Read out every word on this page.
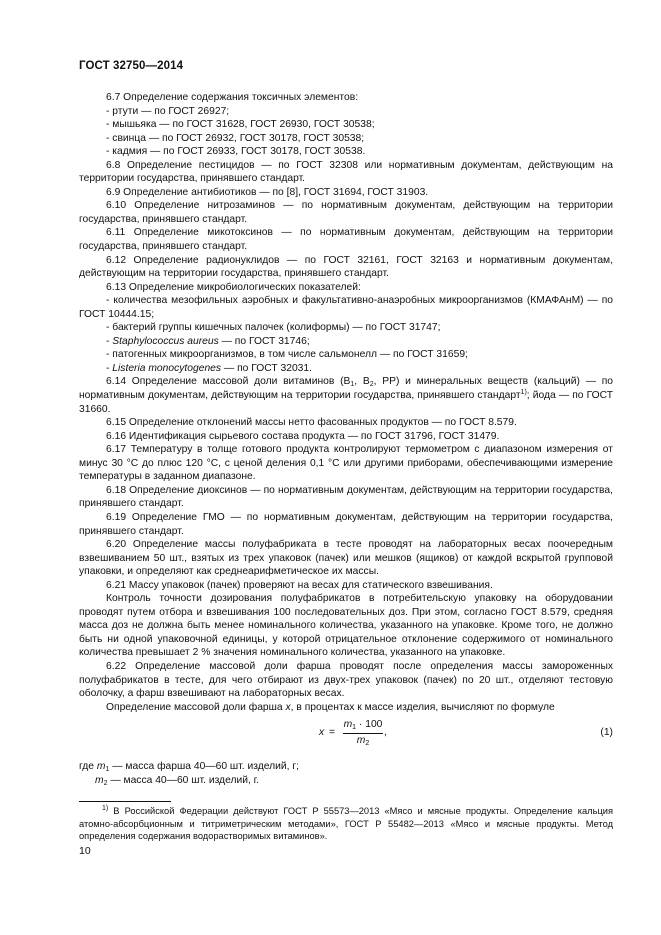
ГОСТ 32750—2014

6.7 Определение содержания токсичных элементов:

- ртути — по ГОСТ 26927;

- мышьяка — по ГОСТ 31628, ГОСТ 26930, ГОСТ 30538;

- свинца — по ГОСТ 26932, ГОСТ 30178, ГОСТ 30538;

- кадмия — по ГОСТ 26933, ГОСТ 30178, ГОСТ 30538.

6.8 Определение пестицидов — по ГОСТ 32308 или нормативным документам, действующим на территории государства, принявшего стандарт.

6.9 Определение антибиотиков — по [8], ГОСТ 31694, ГОСТ 31903.

6.10 Определение нитрозаминов — по нормативным документам, действующим на территории государства, принявшего стандарт.

6.11 Определение микотоксинов — по нормативным документам, действующим на территории государства, принявшего стандарт.

6.12 Определение радионуклидов — по ГОСТ 32161, ГОСТ 32163 и нормативным документам, действующим на территории государства, принявшего стандарт.

6.13 Определение микробиологических показателей:

- количества мезофильных аэробных и факультативно-анаэробных микроорганизмов (КМАФАнМ) — по ГОСТ 10444.15;

- бактерий группы кишечных палочек (колиформы) — по ГОСТ 31747;

- Staphylococcus aureus — по ГОСТ 31746;

- патогенных микроорганизмов, в том числе сальмонелл — по ГОСТ 31659;

- Listeria monocytogenes — по ГОСТ 32031.

6.14 Определение массовой доли витаминов ($В_1$, $В_2$, РР) и минеральных веществ (кальций) — по нормативным документам, действующим на территории государства, принявшего стандарт$^{1)}$; йода — по ГОСТ 31660.

6.15 Определение отклонений массы нетто фасованных продуктов — по ГОСТ 8.579.

6.16 Идентификация сырьевого состава продукта — по ГОСТ 31796, ГОСТ 31479.

6.17 Температуру в толще готового продукта контролируют термометром с диапазоном измерения от минус 30 °С до плюс 120 °С, с ценой деления 0,1 °С или другими приборами, обеспечивающими измерение температуры в заданном диапазоне.

6.18 Определение диоксинов — по нормативным документам, действующим на территории государства, принявшего стандарт.

6.19 Определение ГМО — по нормативным документам, действующим на территории государства, принявшего стандарт.

6.20 Определение массы полуфабриката в тесте проводят на лабораторных весах поочередным взвешиванием 50 шт., взятых из трех упаковок (пачек) или мешков (ящиков) от каждой вскрытой групповой упаковки, и определяют как среднеарифметическое их массы.

6.21 Массу упаковок (пачек) проверяют на весах для статического взвешивания.

Контроль точности дозирования полуфабрикатов в потребительскую упаковку на оборудовании проводят путем отбора и взвешивания 100 последовательных доз. При этом, согласно ГОСТ 8.579, средняя масса доз не должна быть менее номинального количества, указанного на упаковке. Кроме того, не должно быть ни одной упаковочной единицы, у которой отрицательное отклонение содержимого от номинального количества превышает 2 % значения номинального количества, указанного на упаковке.

6.22 Определение массовой доли фарша проводят после определения массы замороженных полуфабрикатов в тесте, для чего отбирают из двух-трех упаковок (пачек) по 20 шт., отделяют тестовую оболочку, а фарш взвешивают на лабораторных весах.

Определение массовой доли фарша x, в процентах к массе изделия, вычисляют по формуле

$x = \frac{m_1 \cdot 100}{m_2}$ ,	(1)

где $m_1$ — масса фарша 40—60 шт. изделий, г;

$m_2$ — масса 40—60 шт. изделий, г.

$^{1)}$ В Российской Федерации действуют ГОСТ Р 55573—2013 «Мясо и мясные продукты. Определение кальция атомно-абсорбционным и титриметрическим методами», ГОСТ Р 55482—2013 «Мясо и мясные продукты. Метод определения содержания водорастворимых витаминов».
10
